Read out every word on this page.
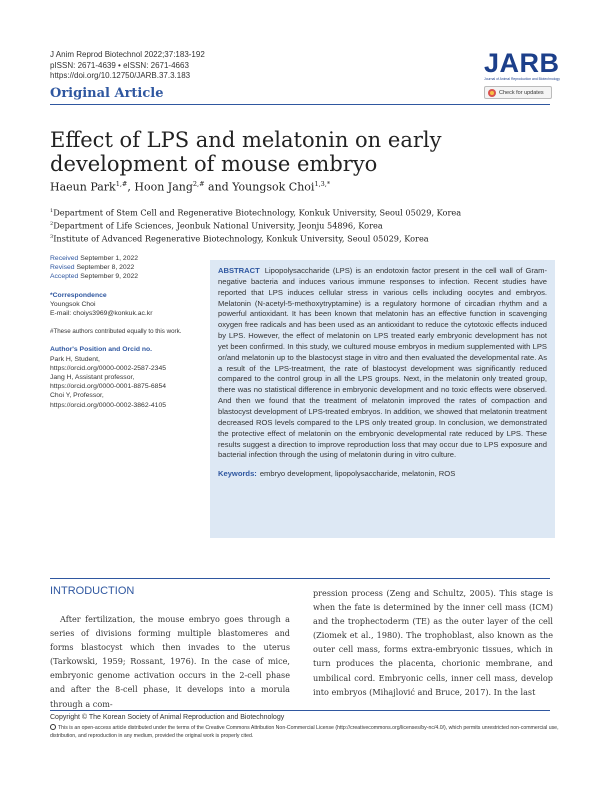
J Anim Reprod Biotechnol 2022;37:183-192
pISSN: 2671-4639 • eISSN: 2671-4663
https://doi.org/10.12750/JARB.37.3.183
Original Article
JARB
Journal of Animal Reproduction and Biotechnology
Check for updates
Effect of LPS and melatonin on early development of mouse embryo
Haeun Park$^{1,\#}$, Hoon Jang$^{2,\#}$ and Youngsok Choi$^{1,3,*}$
$^1$Department of Stem Cell and Regenerative Biotechnology, Konkuk University, Seoul 05029, Korea
$^2$Department of Life Sciences, Jeonbuk National University, Jeonju 54896, Korea
$^3$Institute of Advanced Regenerative Biotechnology, Konkuk University, Seoul 05029, Korea
Received September 1, 2022
Revised September 8, 2022
Accepted September 9, 2022
*Correspondence
Youngsok Choi
E-mail: choiys3969@konkuk.ac.kr
#These authors contributed equally to this work.
Author's Position and Orcid no.
Park H, Student,
https://orcid.org/0000-0002-2587-2345
Jang H, Assistant professor,
https://orcid.org/0000-0001-8875-6854
Choi Y, Professor,
https://orcid.org/0000-0002-3862-4105
ABSTRACT Lipopolysaccharide (LPS) is an endotoxin factor present in the cell wall of Gram-negative bacteria and induces various immune responses to infection. Recent studies have reported that LPS induces cellular stress in various cells including oocytes and embryos. Melatonin (N-acetyl-5-methoxytryptamine) is a regulatory hormone of circadian rhythm and a powerful antioxidant. It has been known that melatonin has an effective function in scavenging oxygen free radicals and has been used as an antioxidant to reduce the cytotoxic effects induced by LPS. However, the effect of melatonin on LPS treated early embryonic development has not yet been confirmed. In this study, we cultured mouse embryos in medium supplemented with LPS or/and melatonin up to the blastocyst stage in vitro and then evaluated the developmental rate. As a result of the LPS-treatment, the rate of blastocyst development was significantly reduced compared to the control group in all the LPS groups. Next, in the melatonin only treated group, there was no statistical difference in embryonic development and no toxic effects were observed. And then we found that the treatment of melatonin improved the rates of compaction and blastocyst development of LPS-treated embryos. In addition, we showed that melatonin treatment decreased ROS levels compared to the LPS only treated group. In conclusion, we demonstrated the protective effect of melatonin on the embryonic developmental rate reduced by LPS. These results suggest a direction to improve reproduction loss that may occur due to LPS exposure and bacterial infection through the using of melatonin during in vitro culture.
Keywords: embryo development, lipopolysaccharide, melatonin, ROS
INTRODUCTION
After fertilization, the mouse embryo goes through a series of divisions forming multiple blastomeres and forms blastocyst which then invades to the uterus (Tarkowski, 1959; Rossant, 1976). In the case of mice, embryonic genome activation occurs in the 2-cell phase and after the 8-cell phase, it develops into a morula through a com-
pression process (Zeng and Schultz, 2005). This stage is when the fate is determined by the inner cell mass (ICM) and the trophectoderm (TE) as the outer layer of the cell (Ziomek et al., 1980). The trophoblast, also known as the outer cell mass, forms extra-embryonic tissues, which in turn produces the placenta, chorionic membrane, and umbilical cord. Embryonic cells, inner cell mass, develop into embryos (Mihajlović and Bruce, 2017). In the last
Copyright © The Korean Society of Animal Reproduction and Biotechnology
This is an open-access article distributed under the terms of the Creative Commons Attribution Non-Commercial License (http://creativecommons.org/licenses/by-nc/4.0/), which permits unrestricted non-commercial use, distribution, and reproduction in any medium, provided the original work is properly cited.
